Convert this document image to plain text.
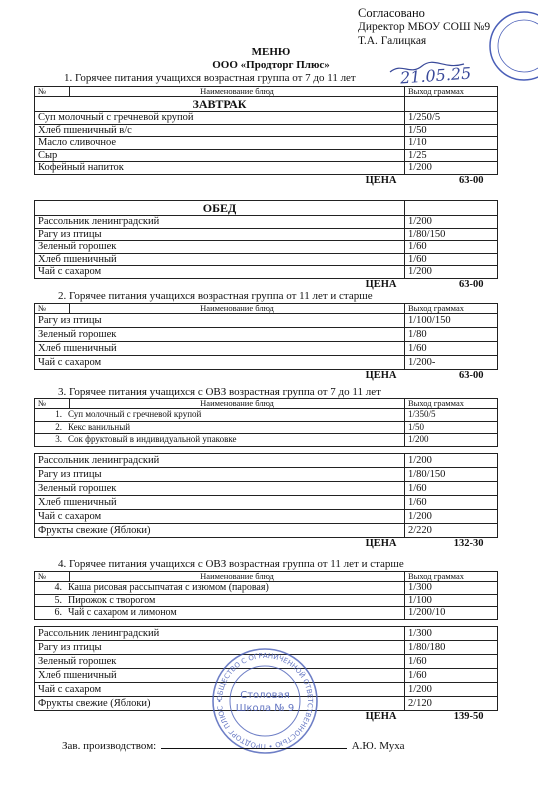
Согласовано
Директор МБОУ СОШ №9
Т.А. Галицкая
21.05.25
МЕНЮ
ООО «Продторг Плюс»
1. Горячее питания учащихся возрастная группа от 7 до 11 лет
№	Наименование блюд	Выход граммах
ЗАВТРАК		
Суп молочный с гречневой крупой		1/250/5
Хлеб пшеничный в/с		1/50
Масло сливочное		1/10
Сыр		1/25
Кофейный напиток		1/200
ЦЕНА		63-00
ОБЕД	
Рассольник ленинградский	1/200
Рагу из птицы	1/80/150
Зеленый горошек	1/60
Хлеб пшеничный	1/60
Чай с сахаром	1/200
ЦЕНА	63-00
2. Горячее питания учащихся возрастная группа от 11 лет и старше
№	Наименование блюд	Выход граммах
Рагу из птицы		1/100/150
Зеленый горошек		1/80
Хлеб пшеничный		1/60
Чай с сахаром		1/200-
ЦЕНА		63-00
3. Горячее питания учащихся с ОВЗ возрастная группа от 7 до 11 лет
№	Наименование блюд	Выход граммах
1. Суп молочный с гречневой крупой		1/350/5
2. Кекс ванильный		1/50
3. Сок фруктовый в индивидуальной упаковке		1/200

Рассольник ленинградский		1/200
Рагу из птицы		1/80/150
Зеленый горошек		1/60
Хлеб пшеничный		1/60
Чай с сахаром		1/200
Фрукты свежие (Яблоки)		2/220
ЦЕНА		132-30
4. Горячее питания учащихся с ОВЗ возрастная группа от 11 лет и старше
№	Наименование блюд	Выход граммах
4. Каша рисовая рассыпчатая с изюмом (паровая)		1/300
5. Пирожок с творогом		1/100
6. Чай с сахаром и лимоном		1/200/10

Рассольник ленинградский		1/300
Рагу из птицы		1/80/180
Зеленый горошек		1/60
Хлеб пшеничный		1/60
Чай с сахаром		1/200
Фрукты свежие (Яблоки)		2/120
ЦЕНА		139-50
ОБЩЕСТВО С ОГРАНИЧЕННОЙ ОТВЕТСТВЕННОСТЬЮ • ПРОДТОРГ ПЛЮС •
Столовая
Школа № 9
Зав. производством:	А.Ю. Муха
